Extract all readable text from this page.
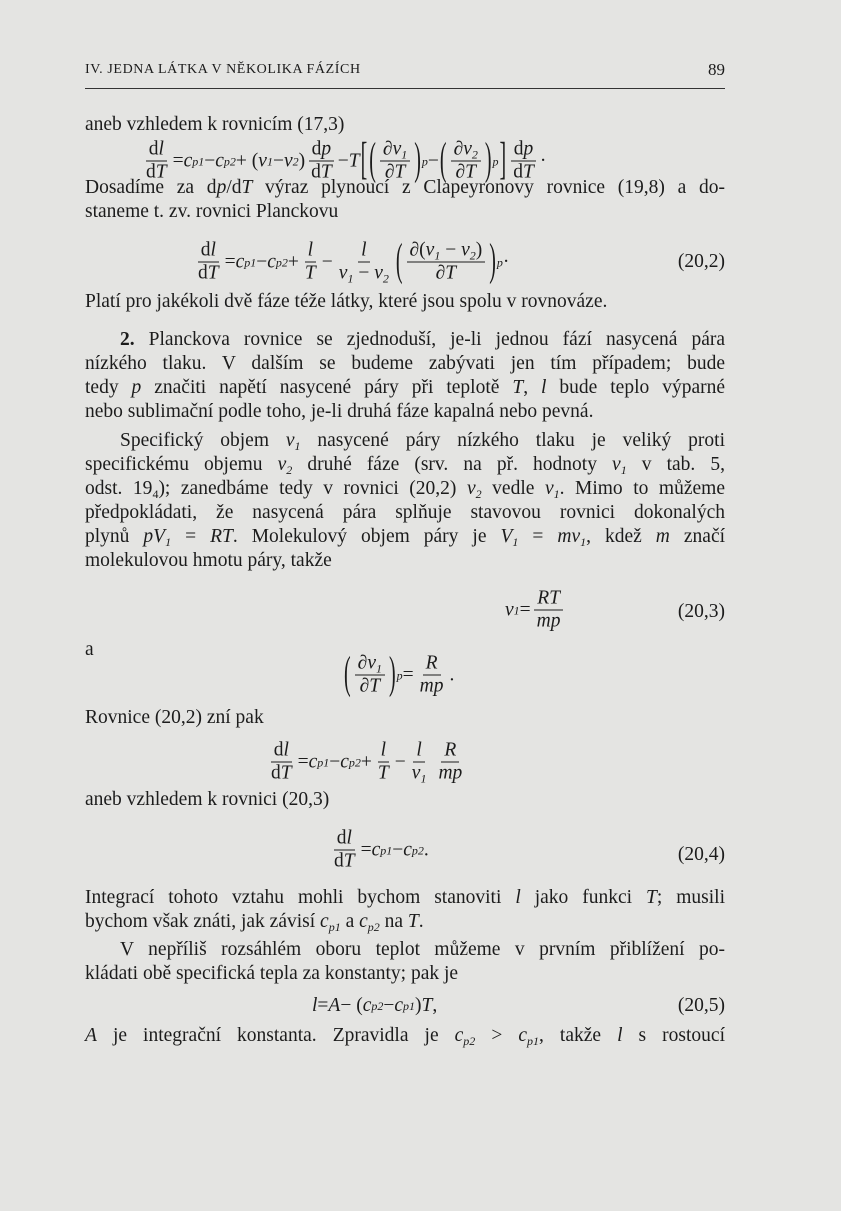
IV. JEDNA LÁTKA V NĚKOLIKA FÁZÍCH	89
aneb vzhledem k rovnicím (17,3)
$\frac{dl}{dT} = c$ p1 − c p2 + ( v 1 − v 2 ) $\frac{dp}{dT} - T$ [ ( $\frac{\partial v_1}{\partial T}$ ) p − ( $\frac{\partial v_2}{\partial T}$ ) p ] $\frac{dp}{dT}$ ·
Dosadíme za dp/dT výraz plynoucí z Clapeyronovy rovnice (19,8) a do-
staneme t. zv. rovnici Planckovu
$\frac{dl}{dT} = c$ p1 − c $p2 + \frac{l}{T} - \frac{l}{v_1 - v_2}$ ( $\frac{\partial(v_1 - v_2)}{\partial T}$ ) p ·	(20,2)
Platí pro jakékoli dvě fáze téže látky, které jsou spolu v rovnováze.
2. Planckova rovnice se zjednoduší, je-li jednou fází nasycená pára
nízkého tlaku. V dalším se budeme zabývati jen tím případem; bude
tedy p značiti napětí nasycené páry při teplotě T, l bude teplo výparné
nebo sublimační podle toho, je-li druhá fáze kapalná nebo pevná.
Specifický objem $v_1$ nasycené páry nízkého tlaku je veliký proti
specifickému objemu $v_2$ druhé fáze (srv. na př. hodnoty $v_1$ v tab. 5,
odst. $19_4$); zanedbáme tedy v rovnici (20,2) $v_2$ vedle $v_1$. Mimo to můžeme
předpokládati, že nasycená pára splňuje stavovou rovnici dokonalých
plynů $pV_1$ = RT. Molekulový objem páry je $V_1 = mv_1$, kdež m značí
molekulovou hmotu páry, takže
v $1 = \frac{RT}{mp}$	(20,3)
a	( $\frac{\partial v_1}{\partial T}$ ) $p = \frac{R}{mp}$ .
Rovnice (20,2) zní pak
$\frac{dl}{dT} = c$ p1 − c $p2 + \frac{l}{T} - \frac{l}{v_1} \frac{R}{mp}$
aneb vzhledem k rovnici (20,3)
$\frac{dl}{dT} = c$ p1 − c p2 .	(20,4)
Integrací tohoto vztahu mohli bychom stanoviti l jako funkci T; musili
bychom však znáti, jak závisí $c_{p1}$ a $c_{p2}$ na T.
V nepříliš rozsáhlém oboru teplot můžeme v prvním přiblížení po-
kládati obě specifická tepla za konstanty; pak je
l = A − ( c p2 − c p1 ) T ,	(20,5)
A je integrační konstanta. Zpravidla je $c_{p2} > c_{p1}$, takže l s rostoucí
